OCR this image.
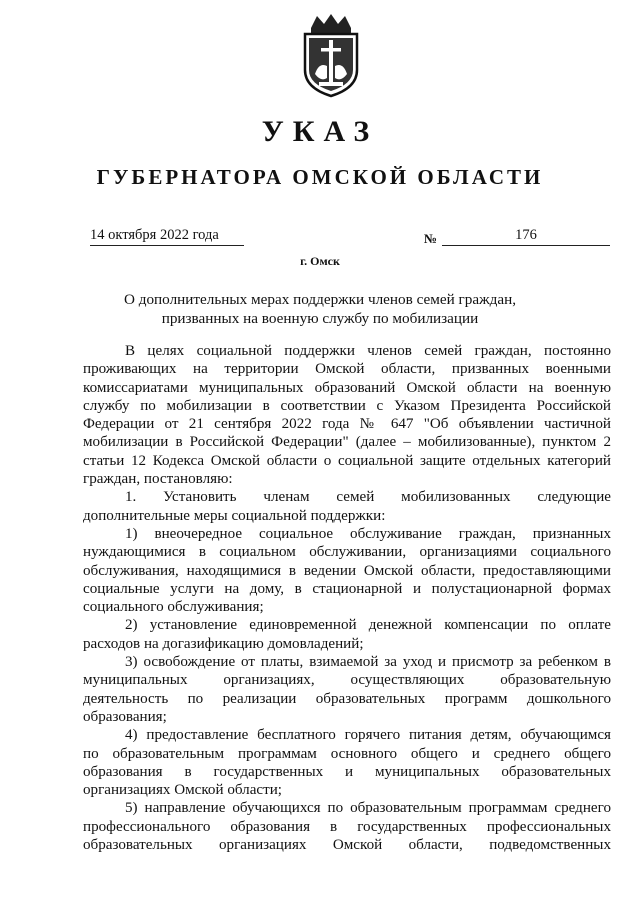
УКАЗ
ГУБЕРНАТОРА ОМСКОЙ ОБЛАСТИ
14 октября 2022 года	№	176
г. Омск
О дополнительных мерах поддержки членов семей граждан,
призванных на военную службу по мобилизации
В целях социальной поддержки членов семей граждан, постоянно
проживающих на территории Омской области, призванных военными
комиссариатами муниципальных образований Омской области на военную
службу по мобилизации в соответствии с Указом Президента Российской
Федерации от 21 сентября 2022 года № 647 "Об объявлении частичной
мобилизации в Российской Федерации" (далее – мобилизованные), пунктом 2
статьи 12 Кодекса Омской области о социальной защите отдельных категорий
граждан, постановляю:
1. Установить членам семей мобилизованных следующие
дополнительные меры социальной поддержки:
1) внеочередное социальное обслуживание граждан, признанных
нуждающимися в социальном обслуживании, организациями социального
обслуживания, находящимися в ведении Омской области, предоставляющими
социальные услуги на дому, в стационарной и полустационарной формах
социального обслуживания;
2) установление единовременной денежной компенсации по оплате
расходов на догазификацию домовладений;
3) освобождение от платы, взимаемой за уход и присмотр за ребенком в
муниципальных организациях, осуществляющих образовательную
деятельность по реализации образовательных программ дошкольного
образования;
4) предоставление бесплатного горячего питания детям, обучающимся
по образовательным программам основного общего и среднего общего
образования в государственных и муниципальных образовательных
организациях Омской области;
5) направление обучающихся по образовательным программам среднего
профессионального образования в государственных профессиональных
образовательных организациях Омской области, подведомственных
